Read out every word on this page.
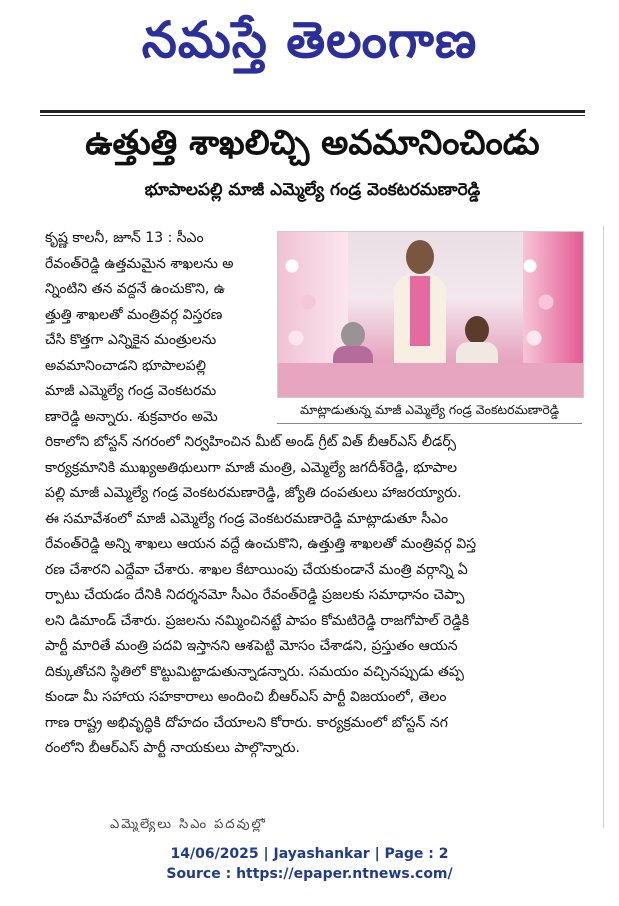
నమస్తే తెలంగాణ
ఉత్తుత్తి శాఖలిచ్చి అవమానించిండు
భూపాలపల్లి మాజీ ఎమ్మెల్యే గండ్ర వెంకటరమణారెడ్డి
కృష్ణ కాలనీ, జూన్ 13 : సీఎం
రేవంత్‌రెడ్డి ఉత్తమమైన శాఖలను అ
న్నింటిని తన వద్దనే ఉంచుకొని, ఉ
త్తుత్తి శాఖలతో మంత్రివర్గ విస్తరణ
చేసి కొత్తగా ఎన్నికైన మంత్రులను
అవమానించాడని భూపాలపల్లి
మాజీ ఎమ్మెల్యే గండ్ర వెంకటరమ
ణారెడ్డి అన్నారు. శుక్రవారం అమె
రికాలోని బోస్టన్ నగరంలో నిర్వహించిన మీట్ అండ్ గ్రీట్ విత్ బీఆర్ఎస్ లీడర్స్
కార్యక్రమానికి ముఖ్యఅతిథులుగా మాజీ మంత్రి, ఎమ్మెల్యే జగదీశ్‌రెడ్డి, భూపాల
పల్లి మాజీ ఎమ్మెల్యే గండ్ర వెంకటరమణారెడ్డి, జ్యోతి దంపతులు హాజరయ్యారు.
ఈ సమావేశంలో మాజీ ఎమ్మెల్యే గండ్ర వెంకటరమణారెడ్డి మాట్లాడుతూ సీఎం
రేవంత్‌రెడ్డి అన్ని శాఖలు ఆయన వద్దే ఉంచుకొని, ఉత్తుత్తి శాఖలతో మంత్రివర్గ విస్త
రణ చేశారని ఎద్దేవా చేశారు. శాఖల కేటాయింపు చేయకుండానే మంత్రి వర్గాన్ని ఏ
ర్పాటు చేయడం దేనికి నిదర్శనమో సీఎం రేవంత్‌రెడ్డి ప్రజలకు సమాధానం చెప్పా
లని డిమాండ్ చేశారు. ప్రజలను నమ్మించినట్టే పాపం కోమటిరెడ్డి రాజగోపాల్ రెడ్డికి
పార్టీ మారితే మంత్రి పదవి ఇస్తానని ఆశపెట్టి మోసం చేశాడని, ప్రస్తుతం ఆయన
దిక్కుతోచని స్థితిలో కొట్టుమిట్టాడుతున్నాడన్నారు. సమయం వచ్చినప్పుడు తప్ప
కుండా మీ సహాయ సహకారాలు అందించి బీఆర్ఎస్ పార్టీ విజయంలో, తెలం
గాణ రాష్ట్ర అభివృద్ధికి దోహదం చేయాలని కోరారు. కార్యక్రమంలో బోస్టన్ నగ
రంలోని బీఆర్ఎస్ పార్టీ నాయకులు పాల్గొన్నారు.
మాట్లాడుతున్న మాజీ ఎమ్మెల్యే గండ్ర వెంకటరమణారెడ్డి
ఎమ్మెల్యేలు సీఎం పదవుల్లో
14/06/2025 | Jayashankar | Page : 2
Source : https://epaper.ntnews.com/
